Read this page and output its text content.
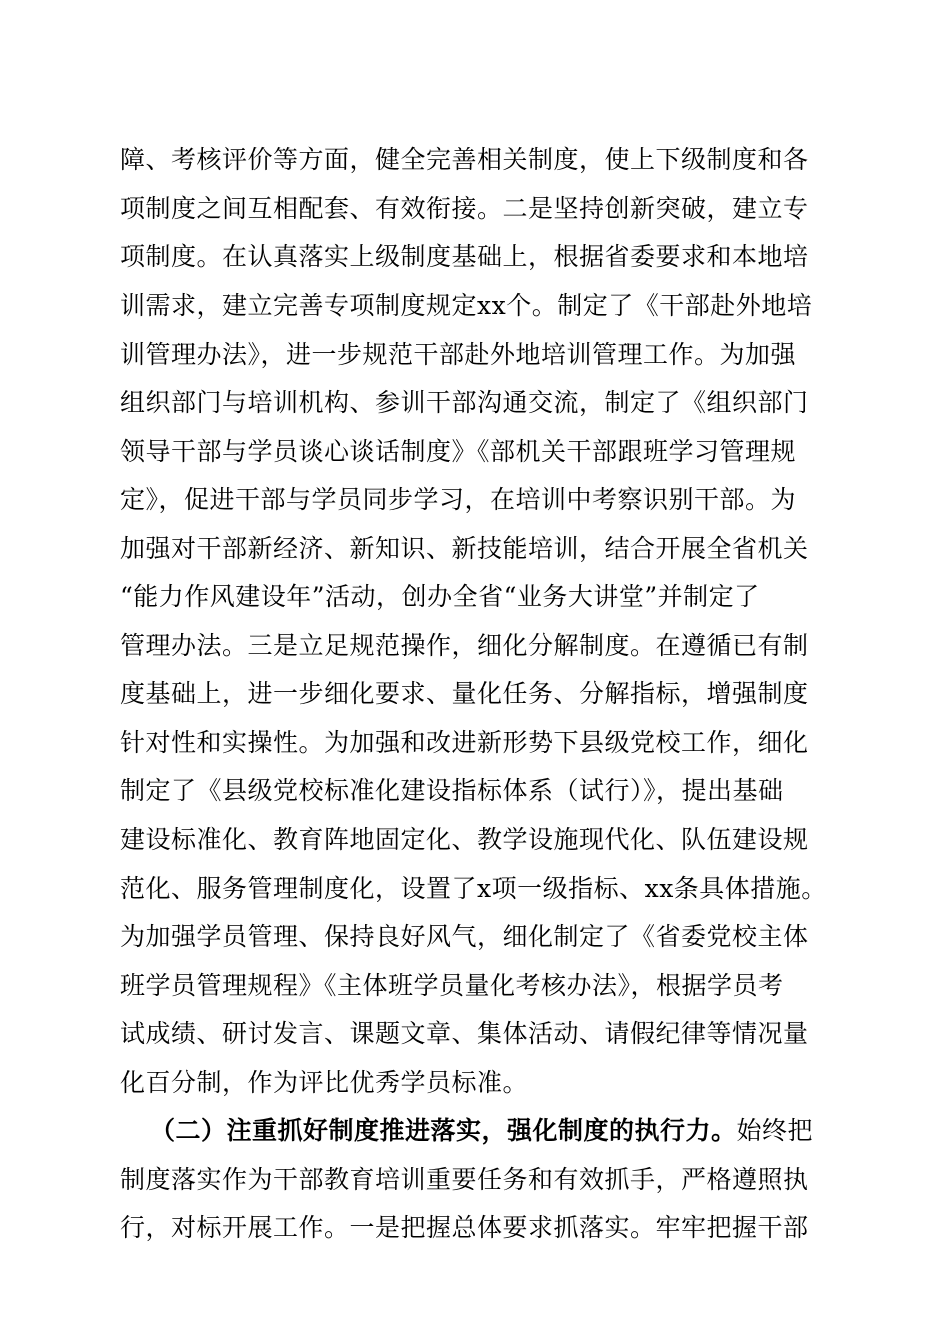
障、考核评价等方面，健全完善相关制度，使上下级制度和各
项制度之间互相配套、有效衔接。二是坚持创新突破，建立专
项制度。在认真落实上级制度基础上，根据省委要求和本地培
训需求，建立完善专项制度规定xx个。制定了《干部赴外地培
训管理办法》，进一步规范干部赴外地培训管理工作。为加强
组织部门与培训机构、参训干部沟通交流，制定了《组织部门
领导干部与学员谈心谈话制度》《部机关干部跟班学习管理规
定》，促进干部与学员同步学习，在培训中考察识别干部。为
加强对干部新经济、新知识、新技能培训，结合开展全省机关
“能力作风建设年”活动，创办全省“业务大讲堂”并制定了
管理办法。三是立足规范操作，细化分解制度。在遵循已有制
度基础上，进一步细化要求、量化任务、分解指标，增强制度
针对性和实操性。为加强和改进新形势下县级党校工作，细化
制定了《县级党校标准化建设指标体系（试行）》，提出基础
建设标准化、教育阵地固定化、教学设施现代化、队伍建设规
范化、服务管理制度化，设置了x项一级指标、xx条具体措施。
为加强学员管理、保持良好风气，细化制定了《省委党校主体
班学员管理规程》《主体班学员量化考核办法》，根据学员考
试成绩、研讨发言、课题文章、集体活动、请假纪律等情况量
化百分制，作为评比优秀学员标准。
（二）注重抓好制度推进落实，强化制度的执行力。始终把
制度落实作为干部教育培训重要任务和有效抓手，严格遵照执
行，对标开展工作。一是把握总体要求抓落实。牢牢把握干部
